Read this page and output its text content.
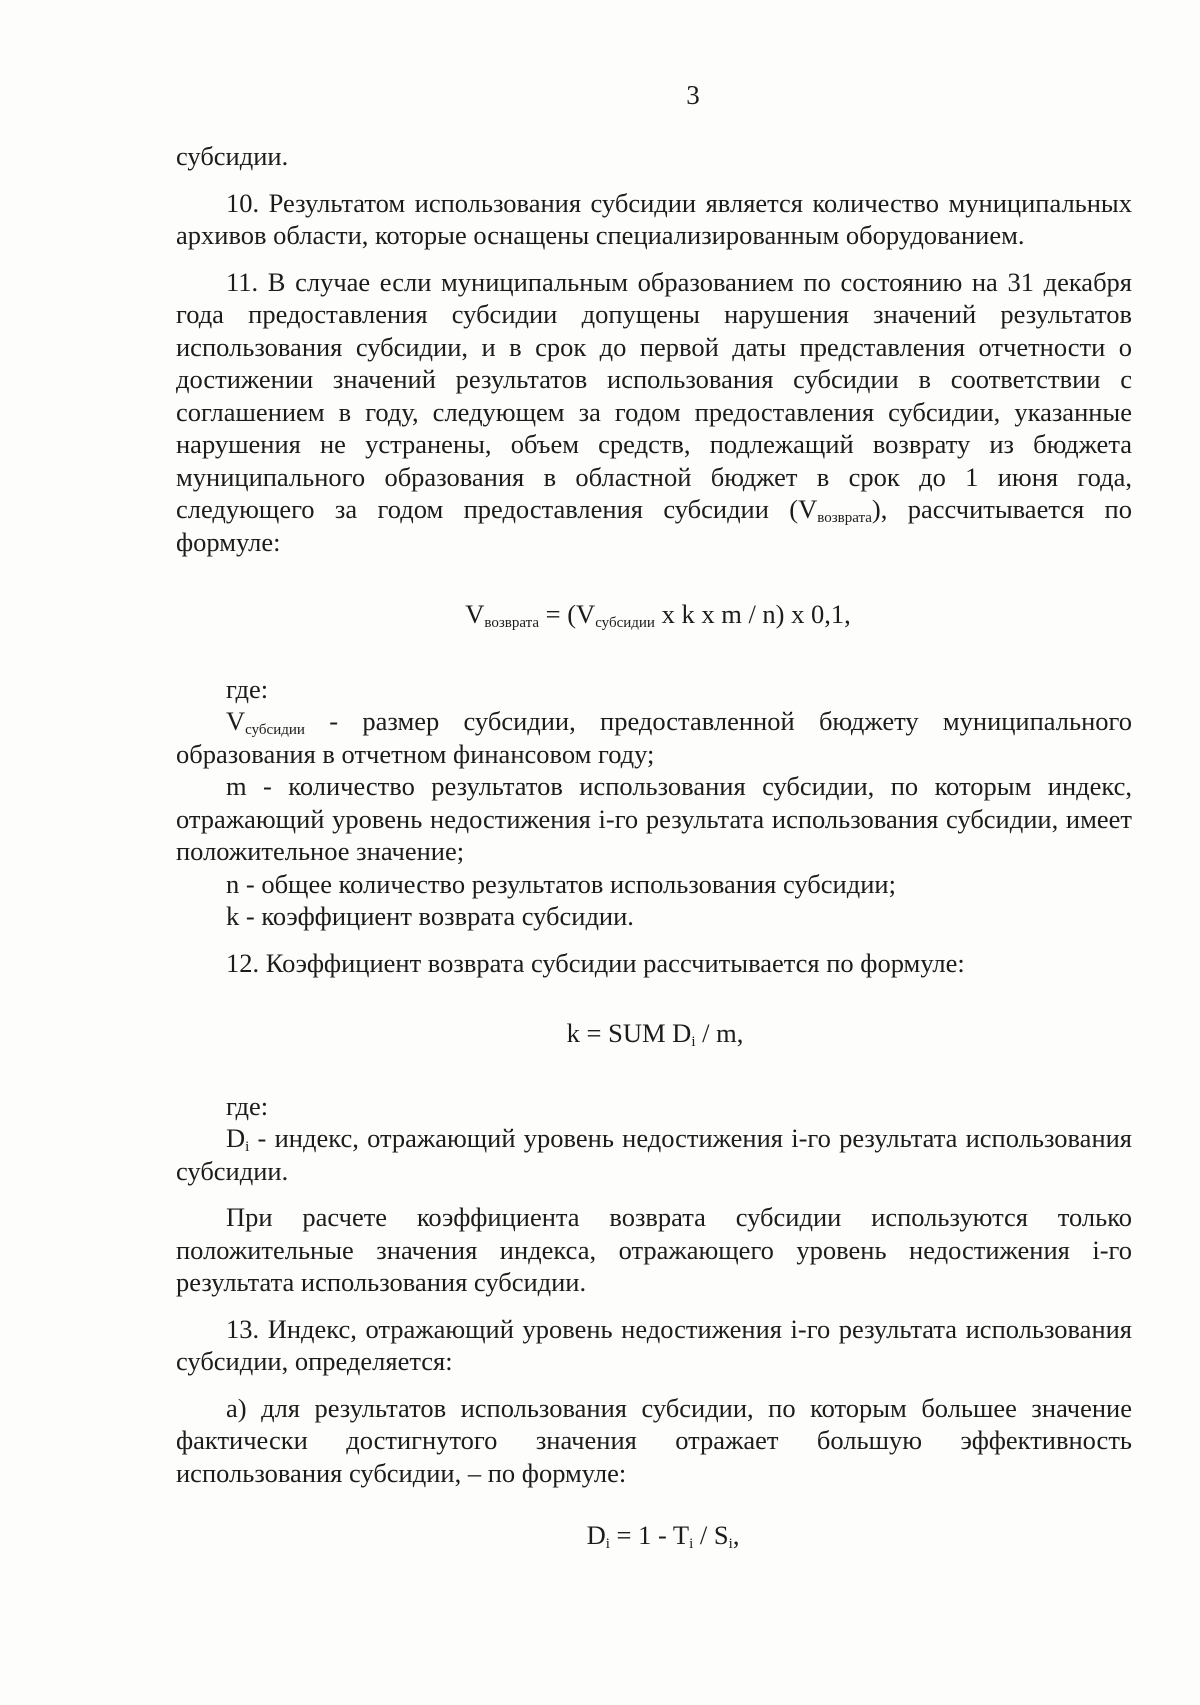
3

субсидии.

10. Результатом использования субсидии является количество муниципальных архивов области, которые оснащены специализированным оборудованием.

11. В случае если муниципальным образованием по состоянию на 31 декабря года предоставления субсидии допущены нарушения значений результатов использования субсидии, и в срок до первой даты представления отчетности о достижении значений результатов использования субсидии в соответствии с соглашением в году, следующем за годом предоставления субсидии, указанные нарушения не устранены, объем средств, подлежащий возврату из бюджета муниципального образования в областной бюджет в срок до 1 июня года, следующего за годом предоставления субсидии $(V_{возврата})$, рассчитывается по формуле:

$V_{возврата} = (V_{субсидии}$ x k x m / n) x 0,1,

где:

$V_{субсидии}$ - размер субсидии, предоставленной бюджету муниципального образования в отчетном финансовом году;

m - количество результатов использования субсидии, по которым индекс, отражающий уровень недостижения i-го результата использования субсидии, имеет положительное значение;

n - общее количество результатов использования субсидии;

k - коэффициент возврата субсидии.

12. Коэффициент возврата субсидии рассчитывается по формуле:

k = SUM $D_i$ / m,

где:

$D_i$ - индекс, отражающий уровень недостижения i-го результата использования субсидии.

При расчете коэффициента возврата субсидии используются только положительные значения индекса, отражающего уровень недостижения i-го результата использования субсидии.

13. Индекс, отражающий уровень недостижения i-го результата использования субсидии, определяется:

а) для результатов использования субсидии, по которым большее значение фактически достигнутого значения отражает большую эффективность использования субсидии, – по формуле:

$D_i = 1 - T_i / S_i$,
